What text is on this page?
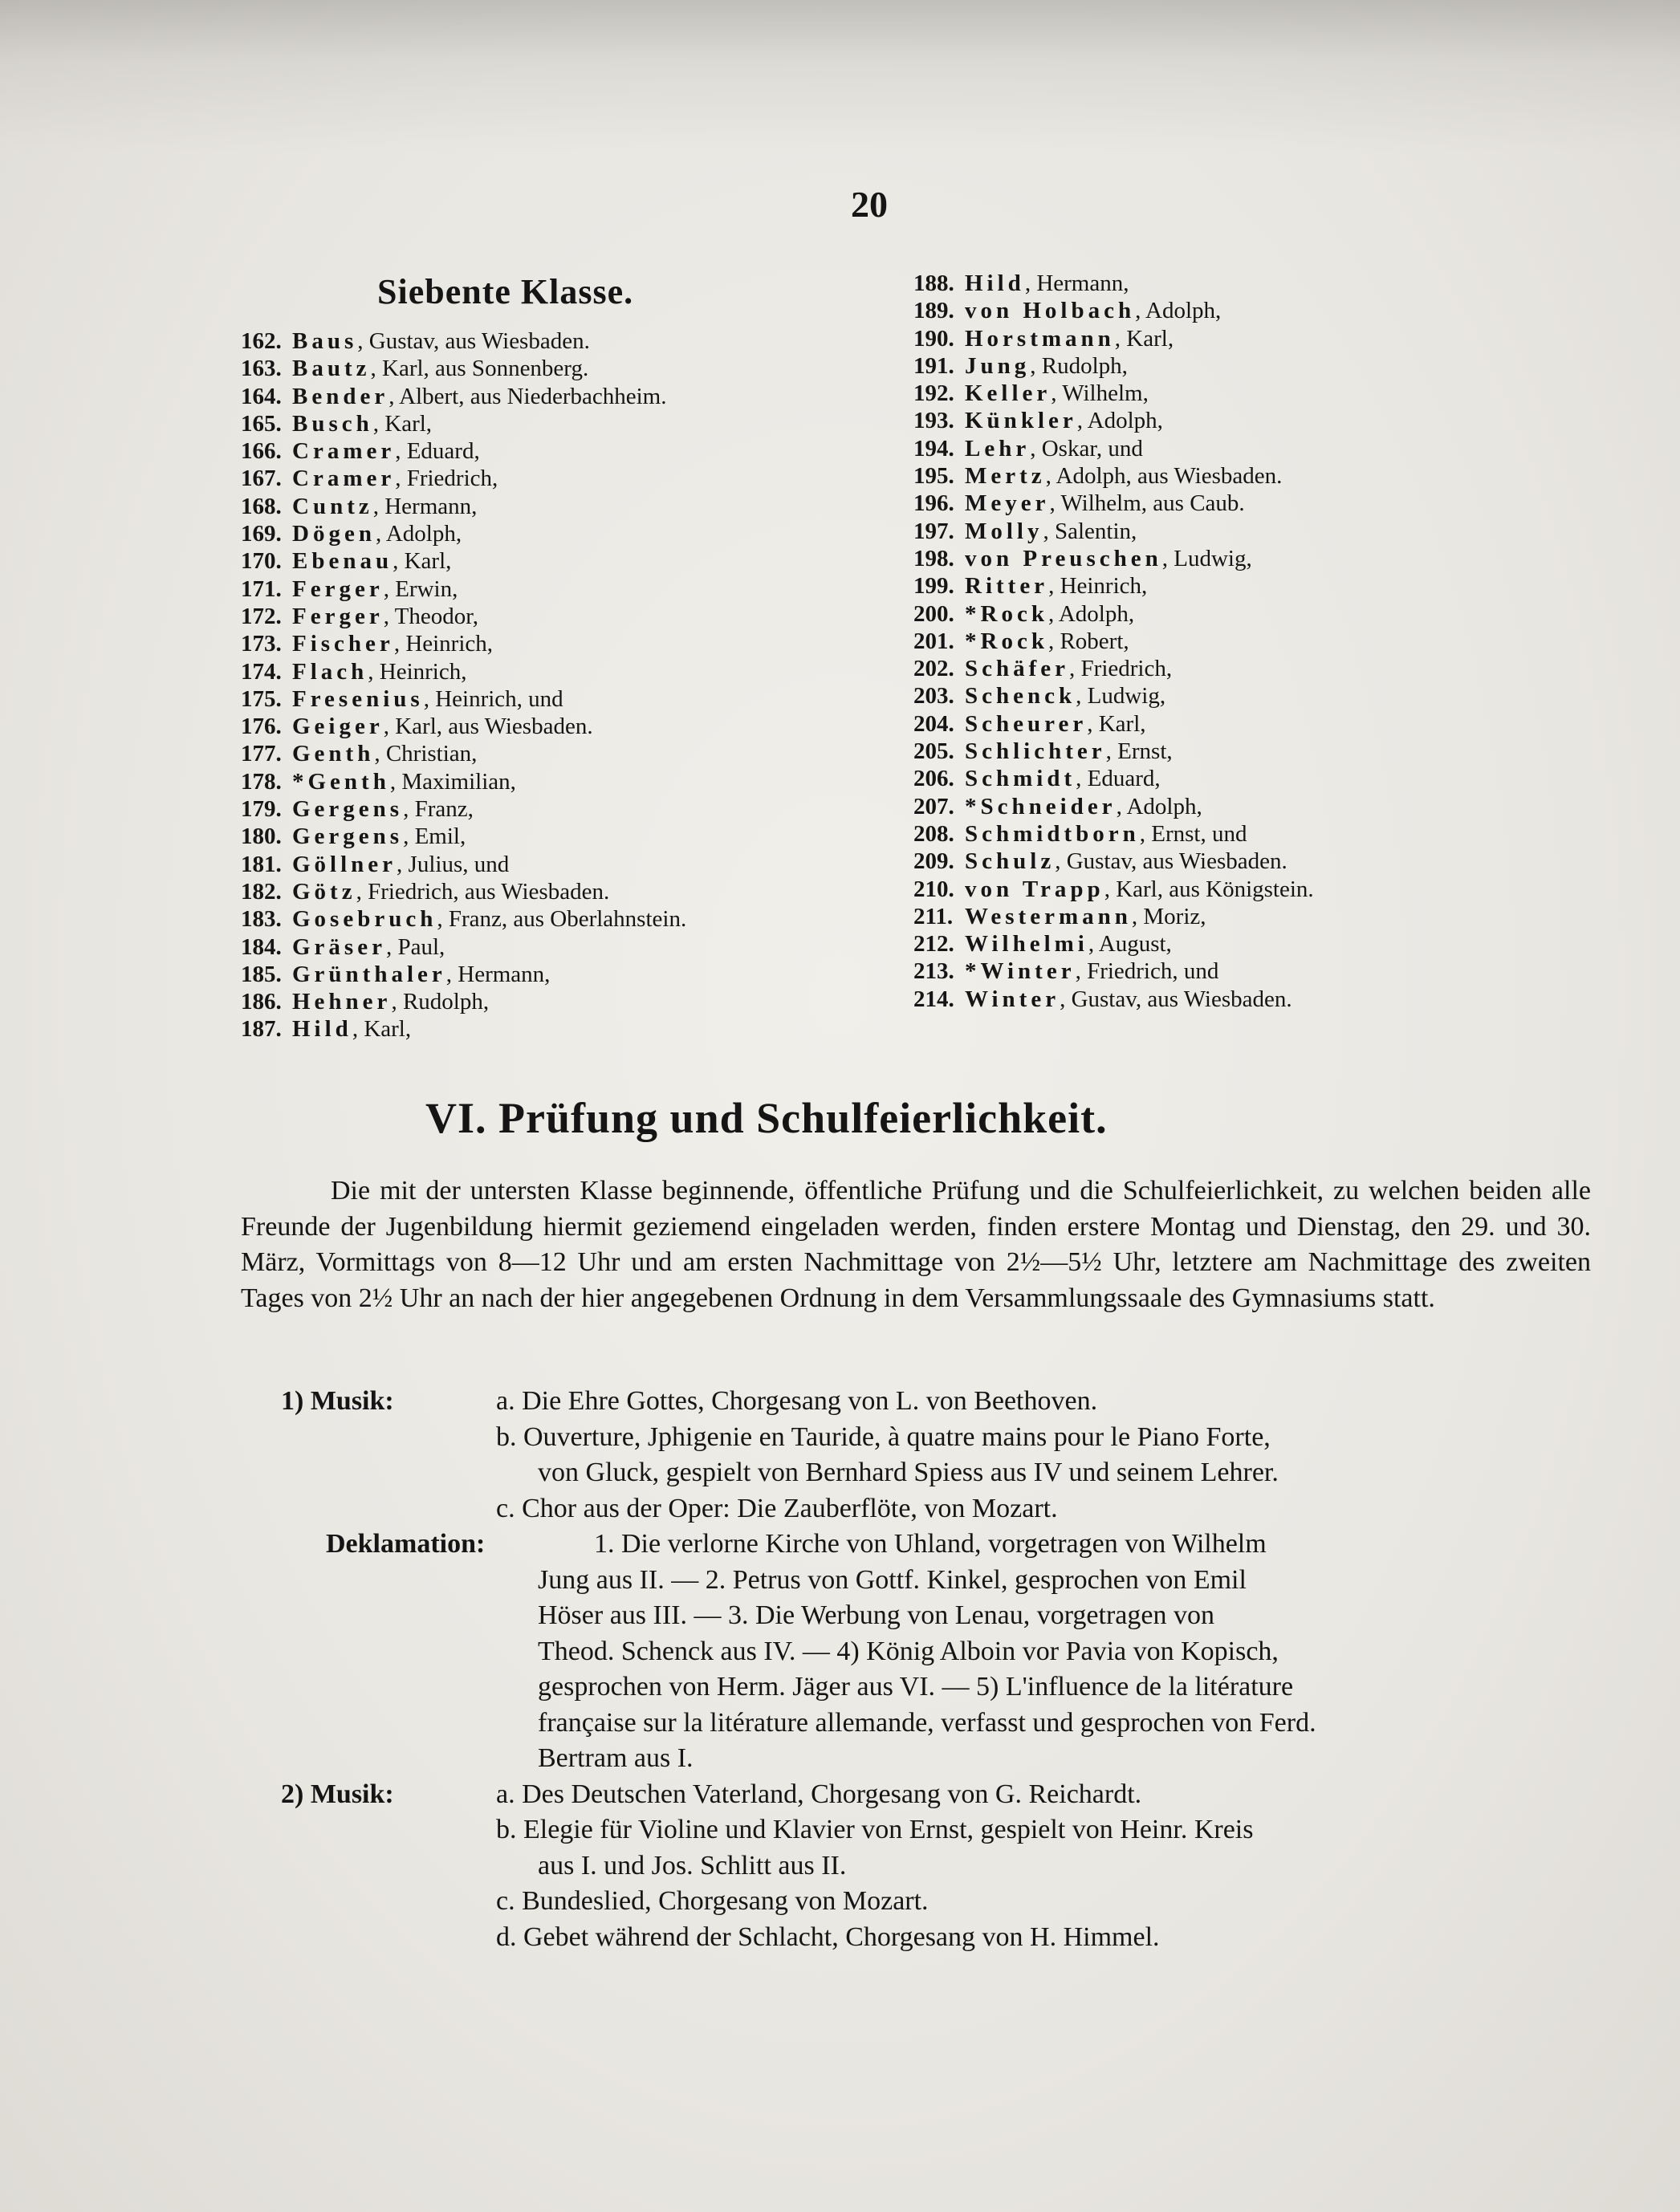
20
Siebente Klasse.
162. Baus, Gustav, aus Wiesbaden.
163. Bautz, Karl, aus Sonnenberg.
164. Bender, Albert, aus Niederbachheim.
165. Busch, Karl,
166. Cramer, Eduard,
167. Cramer, Friedrich,
168. Cuntz, Hermann,
169. Dögen, Adolph,
170. Ebenau, Karl,
171. Ferger, Erwin,
172. Ferger, Theodor,
173. Fischer, Heinrich,
174. Flach, Heinrich,
175. Fresenius, Heinrich, und
176. Geiger, Karl, aus Wiesbaden.
177. Genth, Christian,
178. *Genth, Maximilian,
179. Gergens, Franz,
180. Gergens, Emil,
181. Göllner, Julius, und
182. Götz, Friedrich, aus Wiesbaden.
183. Gosebruch, Franz, aus Oberlahnstein.
184. Gräser, Paul,
185. Grünthaler, Hermann,
186. Hehner, Rudolph,
187. Hild, Karl,
188. Hild, Hermann,
189. von Holbach, Adolph,
190. Horstmann, Karl,
191. Jung, Rudolph,
192. Keller, Wilhelm,
193. Künkler, Adolph,
194. Lehr, Oskar, und
195. Mertz, Adolph, aus Wiesbaden.
196. Meyer, Wilhelm, aus Caub.
197. Molly, Salentin,
198. von Preuschen, Ludwig,
199. Ritter, Heinrich,
200. *Rock, Adolph,
201. *Rock, Robert,
202. Schäfer, Friedrich,
203. Schenck, Ludwig,
204. Scheurer, Karl,
205. Schlichter, Ernst,
206. Schmidt, Eduard,
207. *Schneider, Adolph,
208. Schmidtborn, Ernst, und
209. Schulz, Gustav, aus Wiesbaden.
210. von Trapp, Karl, aus Königstein.
211. Westermann, Moriz,
212. Wilhelmi, August,
213. *Winter, Friedrich, und
214. Winter, Gustav, aus Wiesbaden.
VI. Prüfung und Schulfeierlichkeit.

Die mit der untersten Klasse beginnende, öffentliche Prüfung und die Schulfeierlichkeit, zu welchen beiden alle Freunde der Jugenbildung hiermit geziemend eingeladen werden, finden erstere Montag und Dienstag, den 29. und 30. März, Vormittags von 8—12 Uhr und am ersten Nachmittage von 2½—5½ Uhr, letztere am Nachmittage des zweiten Tages von 2½ Uhr an nach der hier angegebenen Ordnung in dem Versammlungssaale des Gymnasiums statt.

1) Musik:	a. Die Ehre Gottes, Chorgesang von L. von Beethoven.
b. Ouverture, Jphigenie en Tauride, à quatre mains pour le Piano Forte,
von Gluck, gespielt von Bernhard Spiess aus IV und seinem Lehrer.
c. Chor aus der Oper: Die Zauberflöte, von Mozart.
Deklamation:	1. Die verlorne Kirche von Uhland, vorgetragen von Wilhelm
Jung aus II. — 2. Petrus von Gottf. Kinkel, gesprochen von Emil
Höser aus III. — 3. Die Werbung von Lenau, vorgetragen von
Theod. Schenck aus IV. — 4) König Alboin vor Pavia von Kopisch,
gesprochen von Herm. Jäger aus VI. — 5) L'influence de la litérature
française sur la litérature allemande, verfasst und gesprochen von Ferd.
Bertram aus I.
2) Musik:	a. Des Deutschen Vaterland, Chorgesang von G. Reichardt.
b. Elegie für Violine und Klavier von Ernst, gespielt von Heinr. Kreis
aus I. und Jos. Schlitt aus II.
c. Bundeslied, Chorgesang von Mozart.
d. Gebet während der Schlacht, Chorgesang von H. Himmel.
